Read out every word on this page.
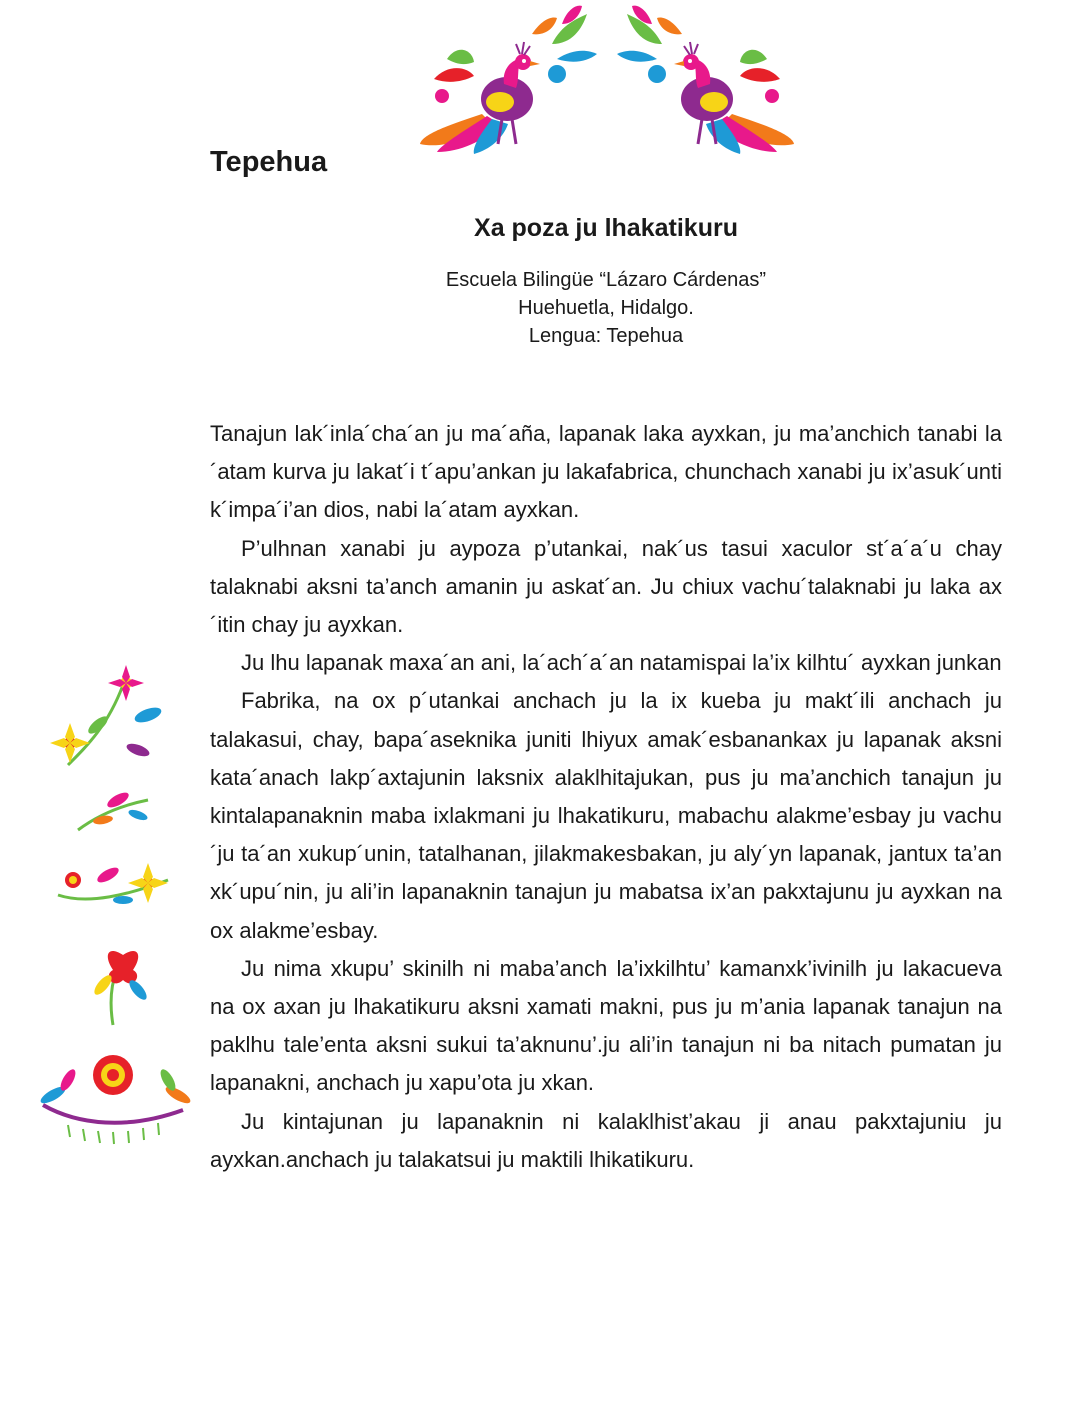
Tepehua
Xa poza ju lhakatikuru
Escuela Bilingüe “Lázaro Cárdenas”
Huehuetla, Hidalgo.
Lengua: Tepehua

Tanajun lak´inla´cha´an ju ma´aña, lapanak laka ayxkan, ju ma’anchich tanabi la´atam kurva ju lakat´i t´apu’ankan ju lakafabrica, chunchach xanabi ju ix’asuk´unti k´impa´i’an dios, nabi la´atam ayxkan.

P’ulhnan xanabi ju aypoza p’utankai, nak´us tasui xaculor st´a´a´u chay talaknabi aksni ta’anch amanin ju askat´an. Ju chiux vachu´talaknabi ju laka ax´itin chay ju ayxkan.

Ju lhu lapanak maxa´an ani, la´ach´a´an natamispai la’ix kilhtu´ ayxkan junkan

Fabrika, na ox p´utankai anchach ju la ix kueba ju makt´ili anchach ju talakasui, chay, bapa´aseknika juniti lhiyux amak´esbanankax ju lapanak aksni kata´anach lakp´axtajunin laksnix alaklhitajukan, pus ju ma’anchich tanajun ju kintalapanaknin maba ixlakmani ju lhakatikuru, mabachu alakme’esbay ju vachu´ju ta´an xukup´unin, tatalhanan, jilakmakesbakan, ju aly´yn lapanak, jantux ta’an xk´upu´nin, ju ali’in lapanaknin tanajun ju mabatsa ix’an pakxtajunu ju ayxkan na ox alakme’esbay.

Ju nima xkupu’ skinilh ni maba’anch la’ixkilhtu’ kamanxk’ivinilh ju lakacueva na ox axan ju lhakatikuru aksni xamati makni, pus ju m’ania lapanak tanajun na paklhu tale’enta aksni sukui ta’aknunu’.ju ali’in tanajun ni ba nitach pumatan ju lapanakni, anchach ju xapu’ota ju xkan.

Ju kintajunan ju lapanaknin ni kalaklhist’akau ji anau pakxtajuniu ju ayxkan.anchach ju talakatsui ju maktili lhikatikuru.
